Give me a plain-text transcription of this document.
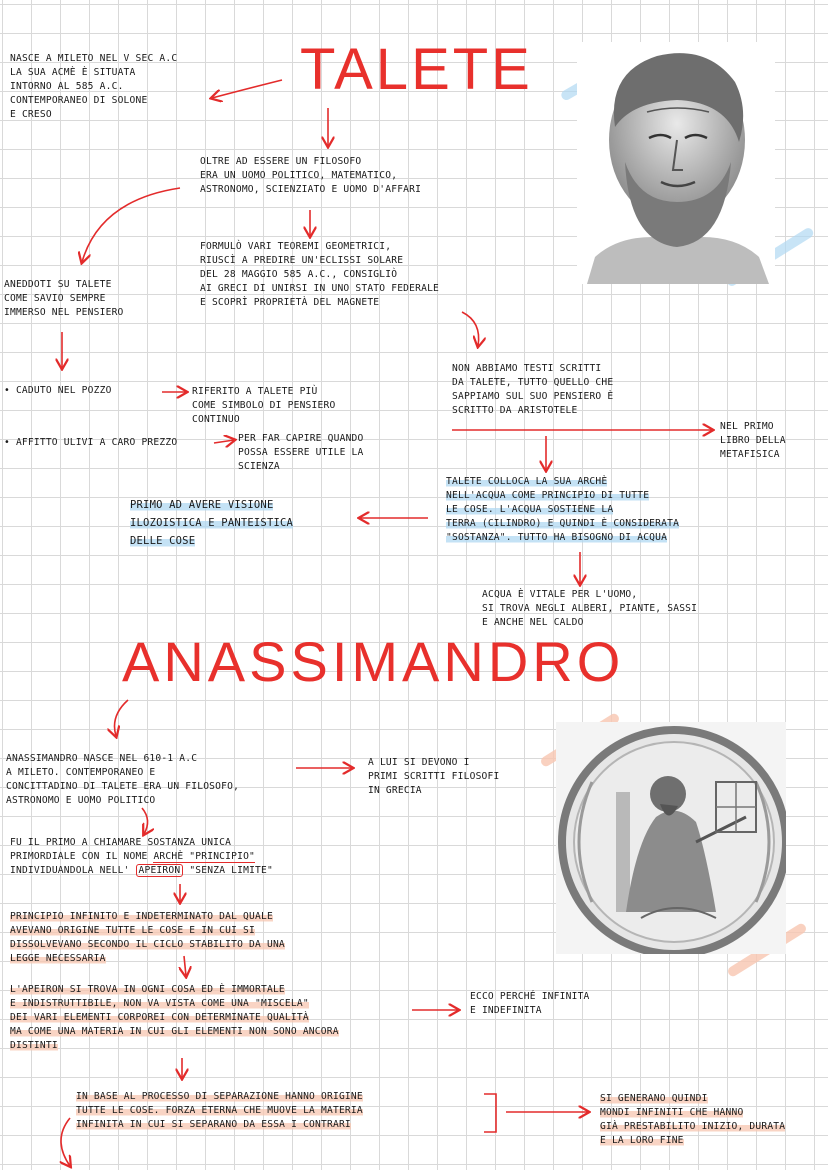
TALETE

NASCE A MILETO NEL V SEC A.C
LA SUA ACMÈ È SITUATA
INTORNO AL 585 A.C.
CONTEMPORANEO DI SOLONE
E CRESO

OLTRE AD ESSERE UN FILOSOFO
ERA UN UOMO POLITICO, MATEMATICO,
ASTRONOMO, SCIENZIATO E UOMO D'AFFARI

FORMULÒ VARI TEOREMI GEOMETRICI,
RIUSCÌ A PREDIRE UN'ECLISSI SOLARE
DEL 28 MAGGIO 585 A.C., CONSIGLIÒ
AI GRECI DI UNIRSI IN UNO STATO FEDERALE
E SCOPRÌ PROPRIETÀ DEL MAGNETE

ANEDDOTI SU TALETE
COME SAVIO SEMPRE
IMMERSO NEL PENSIERO

• CADUTO NEL POZZO	RIFERITO A TALETE PIÙ
COME SIMBOLO DI PENSIERO
CONTINUO

• AFFITTO ULIVI A CARO PREZZO	PER FAR CAPIRE QUANDO
POSSA ESSERE UTILE LA
SCIENZA

NON ABBIAMO TESTI SCRITTI
DA TALETE, TUTTO QUELLO CHE
SAPPIAMO SUL SUO PENSIERO È
SCRITTO DA ARISTOTELE

NEL PRIMO
LIBRO DELLA
METAFISICA

TALETE COLLOCA LA SUA ARCHÈ
NELL'ACQUA COME PRINCIPIO DI TUTTE
LE COSE. L'ACQUA SOSTIENE LA
TERRA (CILINDRO) E QUINDI È CONSIDERATA
"SOSTANZA". TUTTO HA BISOGNO DI ACQUA

PRIMO AD AVERE VISIONE
ILOZOISTICA E PANTEISTICA
DELLE COSE

ACQUA È VITALE PER L'UOMO,
SI TROVA NEGLI ALBERI, PIANTE, SASSI
E ANCHE NEL CALDO

ANASSIMANDRO

ANASSIMANDRO NASCE NEL 610-1 A.C
A MILETO. CONTEMPORANEO E
CONCITTADINO DI TALETE ERA UN FILOSOFO,
ASTRONOMO E UOMO POLITICO

A LUI SI DEVONO I
PRIMI SCRITTI FILOSOFI
IN GRECIA

FU IL PRIMO A CHIAMARE SOSTANZA UNICA
PRIMORDIALE CON IL NOME ARCHÈ "PRINCIPIO"
INDIVIDUANDOLA NELL' APEIRON "SENZA LIMITE"

PRINCIPIO INFINITO E INDETERMINATO DAL QUALE
AVEVANO ORIGINE TUTTE LE COSE E IN CUI SI
DISSOLVEVANO SECONDO IL CICLO STABILITO DA UNA
LEGGE NECESSARIA

L'APEIRON SI TROVA IN OGNI COSA ED È IMMORTALE
E INDISTRUTTIBILE, NON VA VISTA COME UNA "MISCELA"
DEI VARI ELEMENTI CORPOREI CON DETERMINATE QUALITÀ
MA COME UNA MATERIA IN CUI GLI ELEMENTI NON SONO ANCORA
DISTINTI

ECCO PERCHÉ INFINITA
E INDEFINITA

IN BASE AL PROCESSO DI SEPARAZIONE HANNO ORIGINE
TUTTE LE COSE. FORZA ETERNA CHE MUOVE LA MATERIA
INFINITA IN CUI SI SEPARANO DA ESSA I CONTRARI

SI GENERANO QUINDI
MONDI INFINITI CHE HANNO
GIÀ PRESTABILITO INIZIO, DURATA
E LA LORO FINE
